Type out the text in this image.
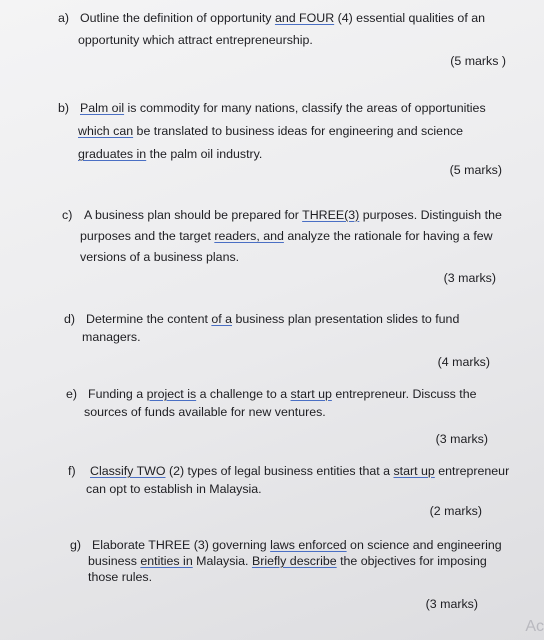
a) Outline the definition of opportunity and FOUR (4) essential qualities of an
opportunity which attract entrepreneurship.
(5 marks )
b) Palm oil is commodity for many nations, classify the areas of opportunities
which can be translated to business ideas for engineering and science
graduates in the palm oil industry.
(5 marks)
c) A business plan should be prepared for THREE(3) purposes. Distinguish the
purposes and the target readers, and analyze the rationale for having a few
versions of a business plans.
(3 marks)
d) Determine the content of a business plan presentation slides to fund
managers.
(4 marks)
e) Funding a project is a challenge to a start up entrepreneur. Discuss the
sources of funds available for new ventures.
(3 marks)
f) Classify TWO (2) types of legal business entities that a start up entrepreneur
can opt to establish in Malaysia.
(2 marks)
g) Elaborate THREE (3) governing laws enforced on science and engineering
business entities in Malaysia. Briefly describe the objectives for imposing
those rules.
(3 marks)
Ac
